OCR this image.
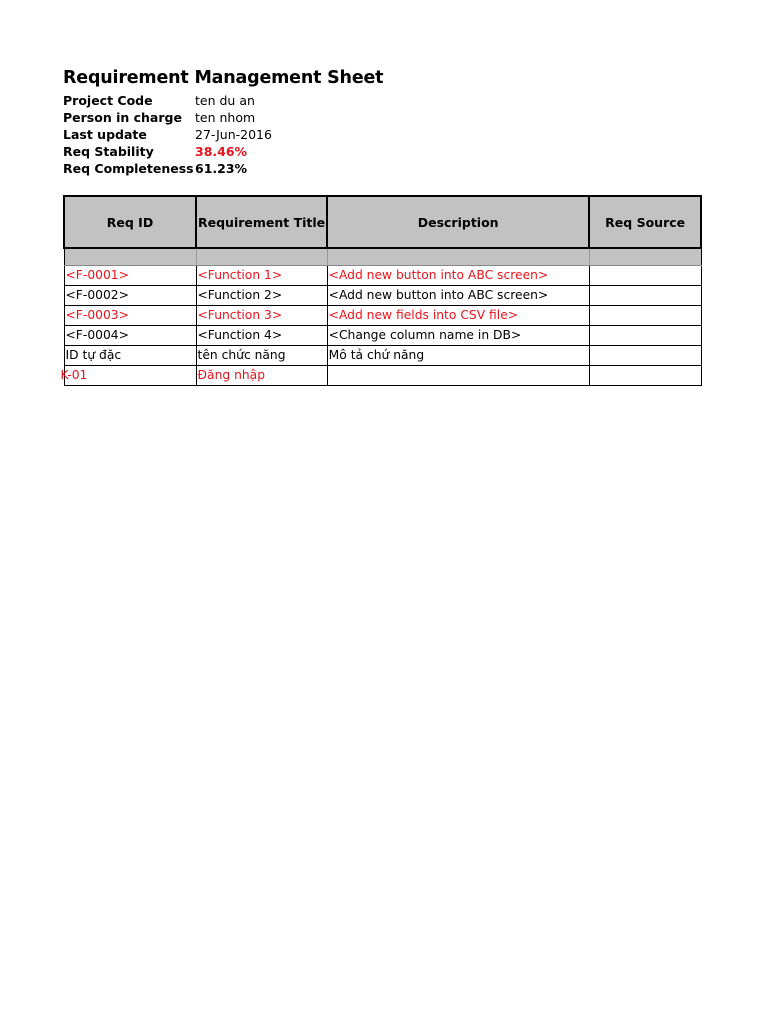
Requirement Management Sheet
Project Code	ten du an
Person in charge	ten nhom
Last update	27-Jun-2016
Req Stability	38.46%
Req Completeness 61.23%
Req ID	Requirement Title	Description	Req Source

<F-0001>	<Function 1>	<Add new button into ABC screen>	
<F-0002>	<Function 2>	<Add new button into ABC screen>	
<F-0003>	<Function 3>	<Add new fields into CSV file>	
<F-0004>	<Function 4>	<Change column name in DB>	
ID tự đặc	tên chức năng	Mô tả chứ năng	
K-01	Đăng nhập		
